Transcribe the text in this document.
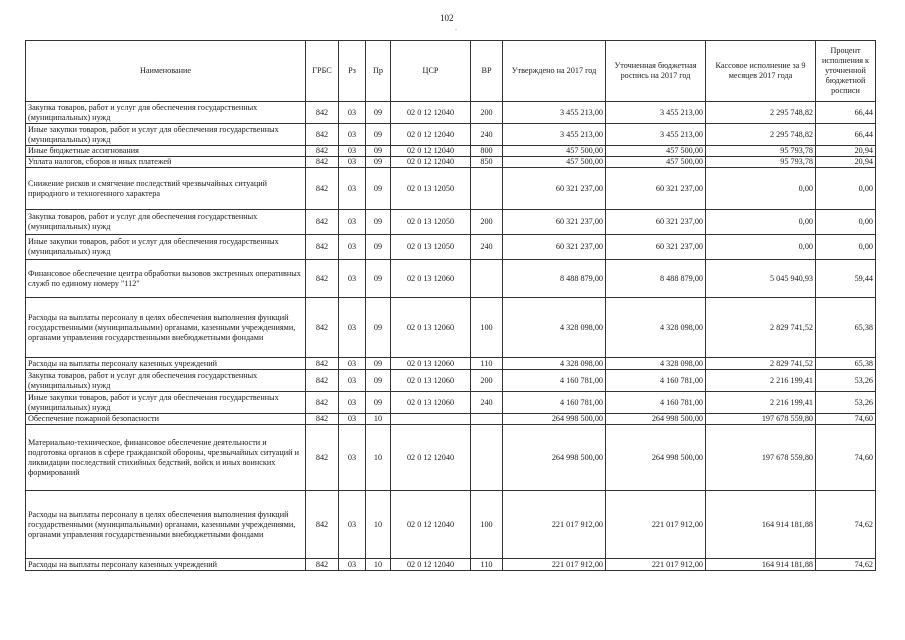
102
-
Наименование	ГРБС	Рз	Пр	ЦСР	ВР	Утверждено на 2017 год	Уточненная бюджетная роспись на 2017 год	Кассовое исполнение за 9 месяцев 2017 года	Процент исполнения к уточненной бюджетной росписи
Закупка товаров, работ и услуг для обеспечения государственных (муниципальных) нужд	842	03	09	02 0 12 12040	200	3 455 213,00	3 455 213,00	2 295 748,82	66,44
Иные закупки товаров, работ и услуг для обеспечения государственных (муниципальных) нужд	842	03	09	02 0 12 12040	240	3 455 213,00	3 455 213,00	2 295 748,82	66,44
Иные бюджетные ассигнования	842	03	09	02 0 12 12040	800	457 500,00	457 500,00	95 793,78	20,94
Уплата налогов, сборов и иных платежей	842	03	09	02 0 12 12040	850	457 500,00	457 500,00	95 793,78	20,94
Снижение рисков и смягчение последствий чрезвычайных ситуаций природного и техногенного характера	842	03	09	02 0 13 12050		60 321 237,00	60 321 237,00	0,00	0,00
Закупка товаров, работ и услуг для обеспечения государственных (муниципальных) нужд	842	03	09	02 0 13 12050	200	60 321 237,00	60 321 237,00	0,00	0,00
Иные закупки товаров, работ и услуг для обеспечения государственных (муниципальных) нужд	842	03	09	02 0 13 12050	240	60 321 237,00	60 321 237,00	0,00	0,00
Финансовое обеспечение центра обработки вызовов экстренных оперативных служб по единому номеру "112"	842	03	09	02 0 13 12060		8 488 879,00	8 488 879,00	5 045 940,93	59,44
Расходы на выплаты персоналу в целях обеспечения выполнения функций государственными (муниципальными) органами, казенными учреждениями, органами управления государственными внебюджетными фондами	842	03	09	02 0 13 12060	100	4 328 098,00	4 328 098,00	2 829 741,52	65,38
Расходы на выплаты персоналу казенных учреждений	842	03	09	02 0 13 12060	110	4 328 098,00	4 328 098,00	2 829 741,52	65,38
Закупка товаров, работ и услуг для обеспечения государственных (муниципальных) нужд	842	03	09	02 0 13 12060	200	4 160 781,00	4 160 781,00	2 216 199,41	53,26
Иные закупки товаров, работ и услуг для обеспечения государственных (муниципальных) нужд	842	03	09	02 0 13 12060	240	4 160 781,00	4 160 781,00	2 216 199,41	53,26
Обеспечение пожарной безопасности	842	03	10			264 998 500,00	264 998 500,00	197 678 559,80	74,60
Материально-техническое, финансовое обеспечение деятельности и подготовка органов в сфере гражданской обороны, чрезвычайных ситуаций и ликвидации последствий стихийных бедствий, войск и иных воинских формирований	842	03	10	02 0 12 12040		264 998 500,00	264 998 500,00	197 678 559,80	74,60
Расходы на выплаты персоналу в целях обеспечения выполнения функций государственными (муниципальными) органами, казенными учреждениями, органами управления государственными внебюджетными фондами	842	03	10	02 0 12 12040	100	221 017 912,00	221 017 912,00	164 914 181,88	74,62
Расходы на выплаты персоналу казенных учреждений	842	03	10	02 0 12 12040	110	221 017 912,00	221 017 912,00	164 914 181,88	74,62
